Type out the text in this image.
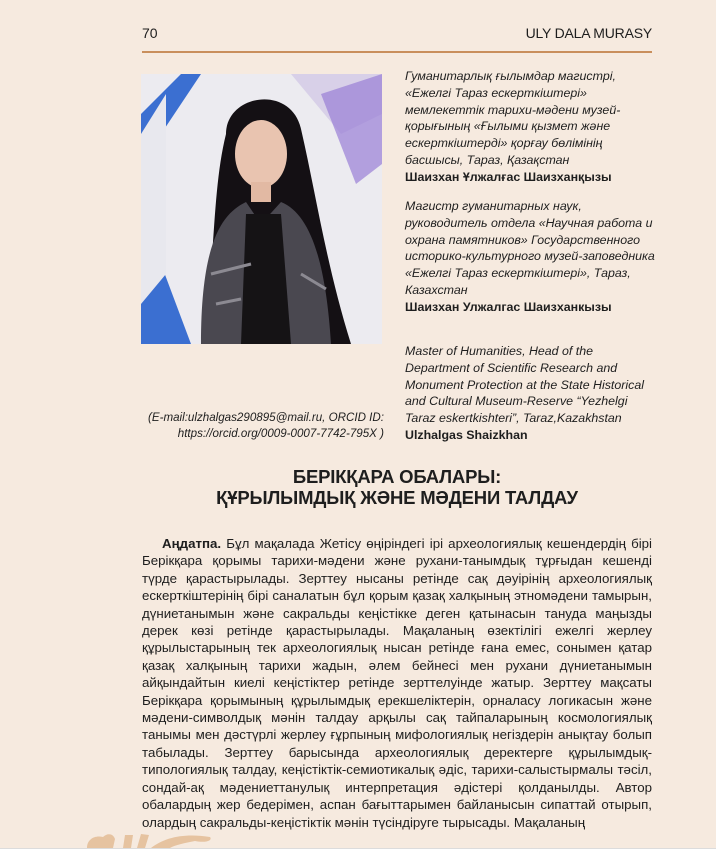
70	ULY DALA MURASY
Гуманитарлық ғылымдар магистрі, «Ежелгі Тараз ескерткіштері» мемлекеттік тарихи-мәдени музей-қорығының «Ғылыми қызмет және ескерткіштерді» қорғау бөлімінің басшысы, Тараз, Қазақстан
Шаизхан Ұлжалғас Шаизханқызы
Магистр гуманитарных наук, руководитель отдела «Научная работа и охрана памятников» Государственного историко-культурного музей-заповедника «Ежелгі Тараз ескерткіштері», Тараз, Казахстан
Шаизхан Улжалгас Шаизханкызы
Master of Humanities, Head of the Department of Scientific Research and Monument Protection at the State Historical and Cultural Museum-Reserve “Yezhelgi Taraz eskertkishteri”, Taraz,Kazakhstan
Ulzhalgas Shaizkhan
(E-mail:ulzhalgas290895@mail.ru, ORCID ID: https://orcid.org/0009-0007-7742-795X )
БЕРІКҚАРА ОБАЛАРЫ:
ҚҰРЫЛЫМДЫҚ ЖӘНЕ МӘДЕНИ ТАЛДАУ
Аңдатпа. Бұл мақалада Жетісу өңіріндегі ірі археологиялық кешендердің бірі Берікқара қорымы тарихи-мәдени және рухани-танымдық тұрғыдан кешенді түрде қарастырылады. Зерттеу нысаны ретінде сақ дәуірінің археологиялық ескерткіштерінің бірі саналатын бұл қорым қазақ халқының этномәдени тамырын, дүниетанымын және сакральды кеңістікке деген қатынасын тануда маңызды дерек көзі ретінде қарастырылады. Мақаланың өзектілігі ежелгі жерлеу құрылыстарының тек археологиялық нысан ретінде ғана емес, сонымен қатар қазақ халқының тарихи жадын, әлем бейнесі мен рухани дүниетанымын айқындайтын киелі кеңістіктер ретінде зерттелуінде жатыр. Зерттеу мақсаты Берікқара қорымының құрылымдық ерекшеліктерін, орналасу логикасын және мәдени-символдық мәнін талдау арқылы сақ тайпаларының космологиялық танымы мен дәстүрлі жерлеу ғұрпының мифологиялық негіздерін анықтау болып табылады. Зерттеу барысында археологиялық деректерге құрылымдық-типологиялық талдау, кеңістіктік-семиотикалық әдіс, тарихи-салыстырмалы тәсіл, сондай-ақ мәдениеттанулық интерпретация әдістері қолданылды. Автор обалардың жер бедерімен, аспан бағыттарымен байланысын сипаттай отырып, олардың сакральды-кеңістіктік мәнін түсіндіруге тырысады. Мақаланың
